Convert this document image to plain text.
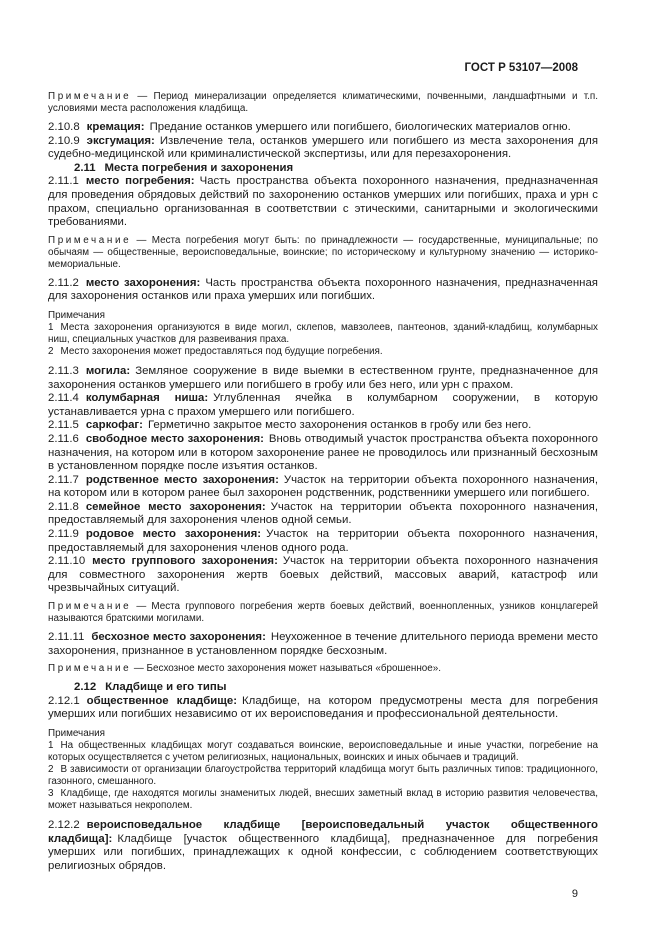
ГОСТ Р 53107—2008

Примечание — Период минерализации определяется климатическими, почвенными, ландшафтными и т.п. условиями места расположения кладбища.

2.10.8 кремация: Предание останков умершего или погибшего, биологических материалов огню.

2.10.9 эксгумация: Извлечение тела, останков умершего или погибшего из места захоронения для судебно-медицинской или криминалистической экспертизы, или для перезахоронения.

2.11 Места погребения и захоронения

2.11.1 место погребения: Часть пространства объекта похоронного назначения, предназначенная для проведения обрядовых действий по захоронению останков умерших или погибших, праха и урн с прахом, специально организованная в соответствии с этическими, санитарными и экологическими требованиями.

Примечание — Места погребения могут быть: по принадлежности — государственные, муниципальные; по обычаям — общественные, вероисповедальные, воинские; по историческому и культурному значению — историко-мемориальные.

2.11.2 место захоронения: Часть пространства объекта похоронного назначения, предназначенная для захоронения останков или праха умерших или погибших.

Примечания

1 Места захоронения организуются в виде могил, склепов, мавзолеев, пантеонов, зданий-кладбищ, колумбарных ниш, специальных участков для развеивания праха.

2 Место захоронения может предоставляться под будущие погребения.

2.11.3 могила: Земляное сооружение в виде выемки в естественном грунте, предназначенное для захоронения останков умершего или погибшего в гробу или без него, или урн с прахом.

2.11.4 колумбарная ниша: Углубленная ячейка в колумбарном сооружении, в которую устанавливается урна с прахом умершего или погибшего.

2.11.5 саркофаг: Герметично закрытое место захоронения останков в гробу или без него.

2.11.6 свободное место захоронения: Вновь отводимый участок пространства объекта похоронного назначения, на котором или в котором захоронение ранее не проводилось или признанный бесхозным в установленном порядке после изъятия останков.

2.11.7 родственное место захоронения: Участок на территории объекта похоронного назначения, на котором или в котором ранее был захоронен родственник, родственники умершего или погибшего.

2.11.8 семейное место захоронения: Участок на территории объекта похоронного назначения, предоставляемый для захоронения членов одной семьи.

2.11.9 родовое место захоронения: Участок на территории объекта похоронного назначения, предоставляемый для захоронения членов одного рода.

2.11.10 место группового захоронения: Участок на территории объекта похоронного назначения для совместного захоронения жертв боевых действий, массовых аварий, катастроф или чрезвычайных ситуаций.

Примечание — Места группового погребения жертв боевых действий, военнопленных, узников концлагерей называются братскими могилами.

2.11.11 бесхозное место захоронения: Неухоженное в течение длительного периода времени место захоронения, признанное в установленном порядке бесхозным.

Примечание — Бесхозное место захоронения может называться «брошенное».

2.12 Кладбище и его типы

2.12.1 общественное кладбище: Кладбище, на котором предусмотрены места для погребения умерших или погибших независимо от их вероисповедания и профессиональной деятельности.

Примечания

1 На общественных кладбищах могут создаваться воинские, вероисповедальные и иные участки, погребение на которых осуществляется с учетом религиозных, национальных, воинских и иных обычаев и традиций.

2 В зависимости от организации благоустройства территорий кладбища могут быть различных типов: традиционного, газонного, смешанного.

3 Кладбище, где находятся могилы знаменитых людей, внесших заметный вклад в историю развития человечества, может называться некрополем.

2.12.2 вероисповедальное кладбище [вероисповедальный участок общественного кладбища]: Кладбище [участок общественного кладбища], предназначенное для погребения умерших или погибших, принадлежащих к одной конфессии, с соблюдением соответствующих религиозных обрядов.

9
